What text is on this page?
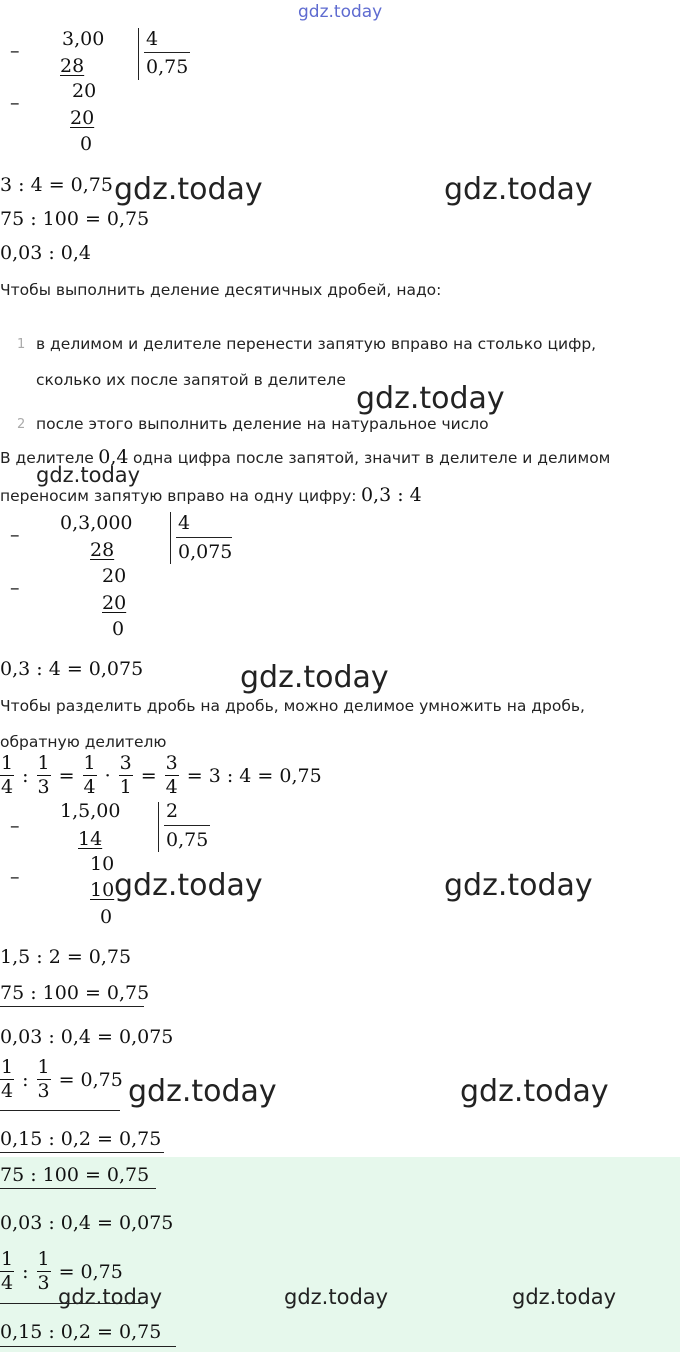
gdz.today
–
3,00 4
28	0,75
–
20
20
0
3 : 4 = 0,75 gdz.today	gdz.today
75 : 100 = 0,75
0,03 : 0,4
Чтобы выполнить деление десятичных дробей, надо:
1 в делимом и делителе перенести запятую вправо на столько цифр,
сколько их после запятой в делителе
gdz.today
2 после этого выполнить деление на натуральное число
В делителе 0,4 одна цифра после запятой, значит в делителе и делимом
gdz.today
переносим запятую вправо на одну цифру: 0,3 : 4
–
0,3,000 4
28	0,075
–
20
20
0
0,3 : 4 = 0,075	gdz.today
Чтобы разделить дробь на дробь, можно делимое умножить на дробь,
обратную делителю
$\frac{1}{4}$ : $\frac{1}{3} = \frac{1}{4} \cdot \frac{3}{1} = \frac{3}{4} = 3$ : 4 = 0,75
–
1,5,00 2
14	0,75
–
10
10
0
gdz.today	gdz.today
1,5 : 2 = 0,75
75 : 100 = 0,75
0,03 : 0,4 = 0,075
$\frac{1}{4}$ : $\frac{1}{3} = 0,75$ gdz.today	gdz.today
0,15 : 0,2 = 0,75
75 : 100 = 0,75
0,03 : 0,4 = 0,075
$\frac{1}{4}$ : $\frac{1}{3} = 0,75$
gdz.today	gdz.today	gdz.today
0,15 : 0,2 = 0,75
